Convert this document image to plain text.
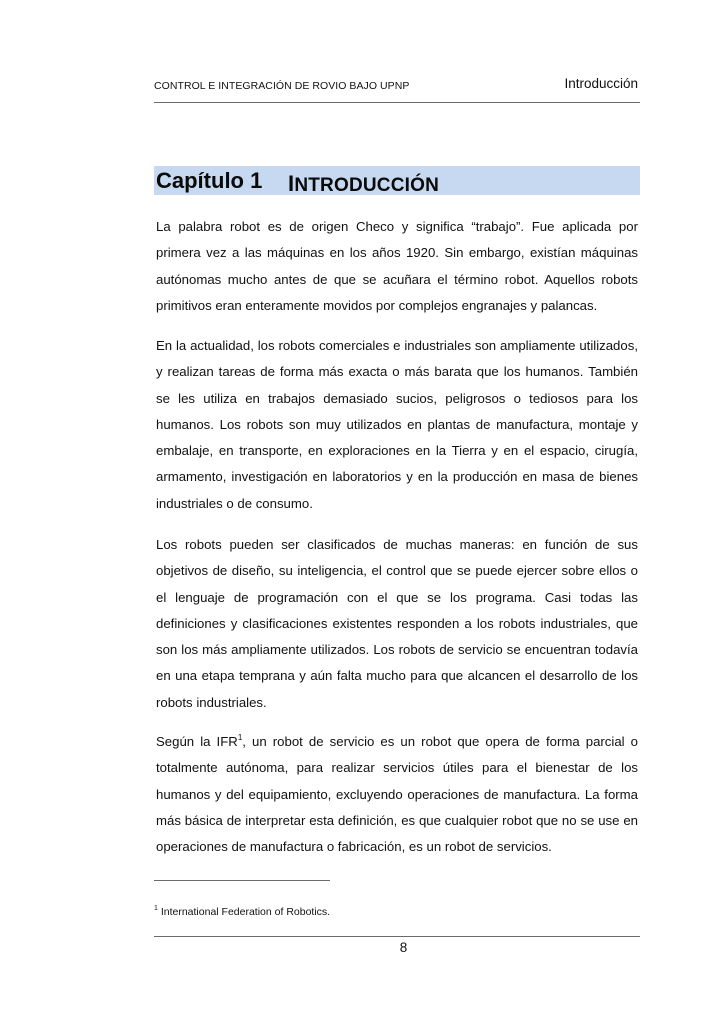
CONTROL E INTEGRACIÓN DE ROVIO BAJO UPNP	Introducción
Capítulo 1 INTRODUCCIÓN

La palabra robot es de origen Checo y significa “trabajo”. Fue aplicada por primera vez a las máquinas en los años 1920. Sin embargo, existían máquinas autónomas mucho antes de que se acuñara el término robot. Aquellos robots primitivos eran enteramente movidos por complejos engranajes y palancas.

En la actualidad, los robots comerciales e industriales son ampliamente utilizados, y realizan tareas de forma más exacta o más barata que los humanos. También se les utiliza en trabajos demasiado sucios, peligrosos o tediosos para los humanos. Los robots son muy utilizados en plantas de manufactura, montaje y embalaje, en transporte, en exploraciones en la Tierra y en el espacio, cirugía, armamento, investigación en laboratorios y en la producción en masa de bienes industriales o de consumo.

Los robots pueden ser clasificados de muchas maneras: en función de sus objetivos de diseño, su inteligencia, el control que se puede ejercer sobre ellos o el lenguaje de programación con el que se los programa. Casi todas las definiciones y clasificaciones existentes responden a los robots industriales, que son los más ampliamente utilizados. Los robots de servicio se encuentran todavía en una etapa temprana y aún falta mucho para que alcancen el desarrollo de los robots industriales.

Según la IFR$^1$, un robot de servicio es un robot que opera de forma parcial o totalmente autónoma, para realizar servicios útiles para el bienestar de los humanos y del equipamiento, excluyendo operaciones de manufactura. La forma más básica de interpretar esta definición, es que cualquier robot que no se use en operaciones de manufactura o fabricación, es un robot de servicios.

$^1$ International Federation of Robotics.
8
